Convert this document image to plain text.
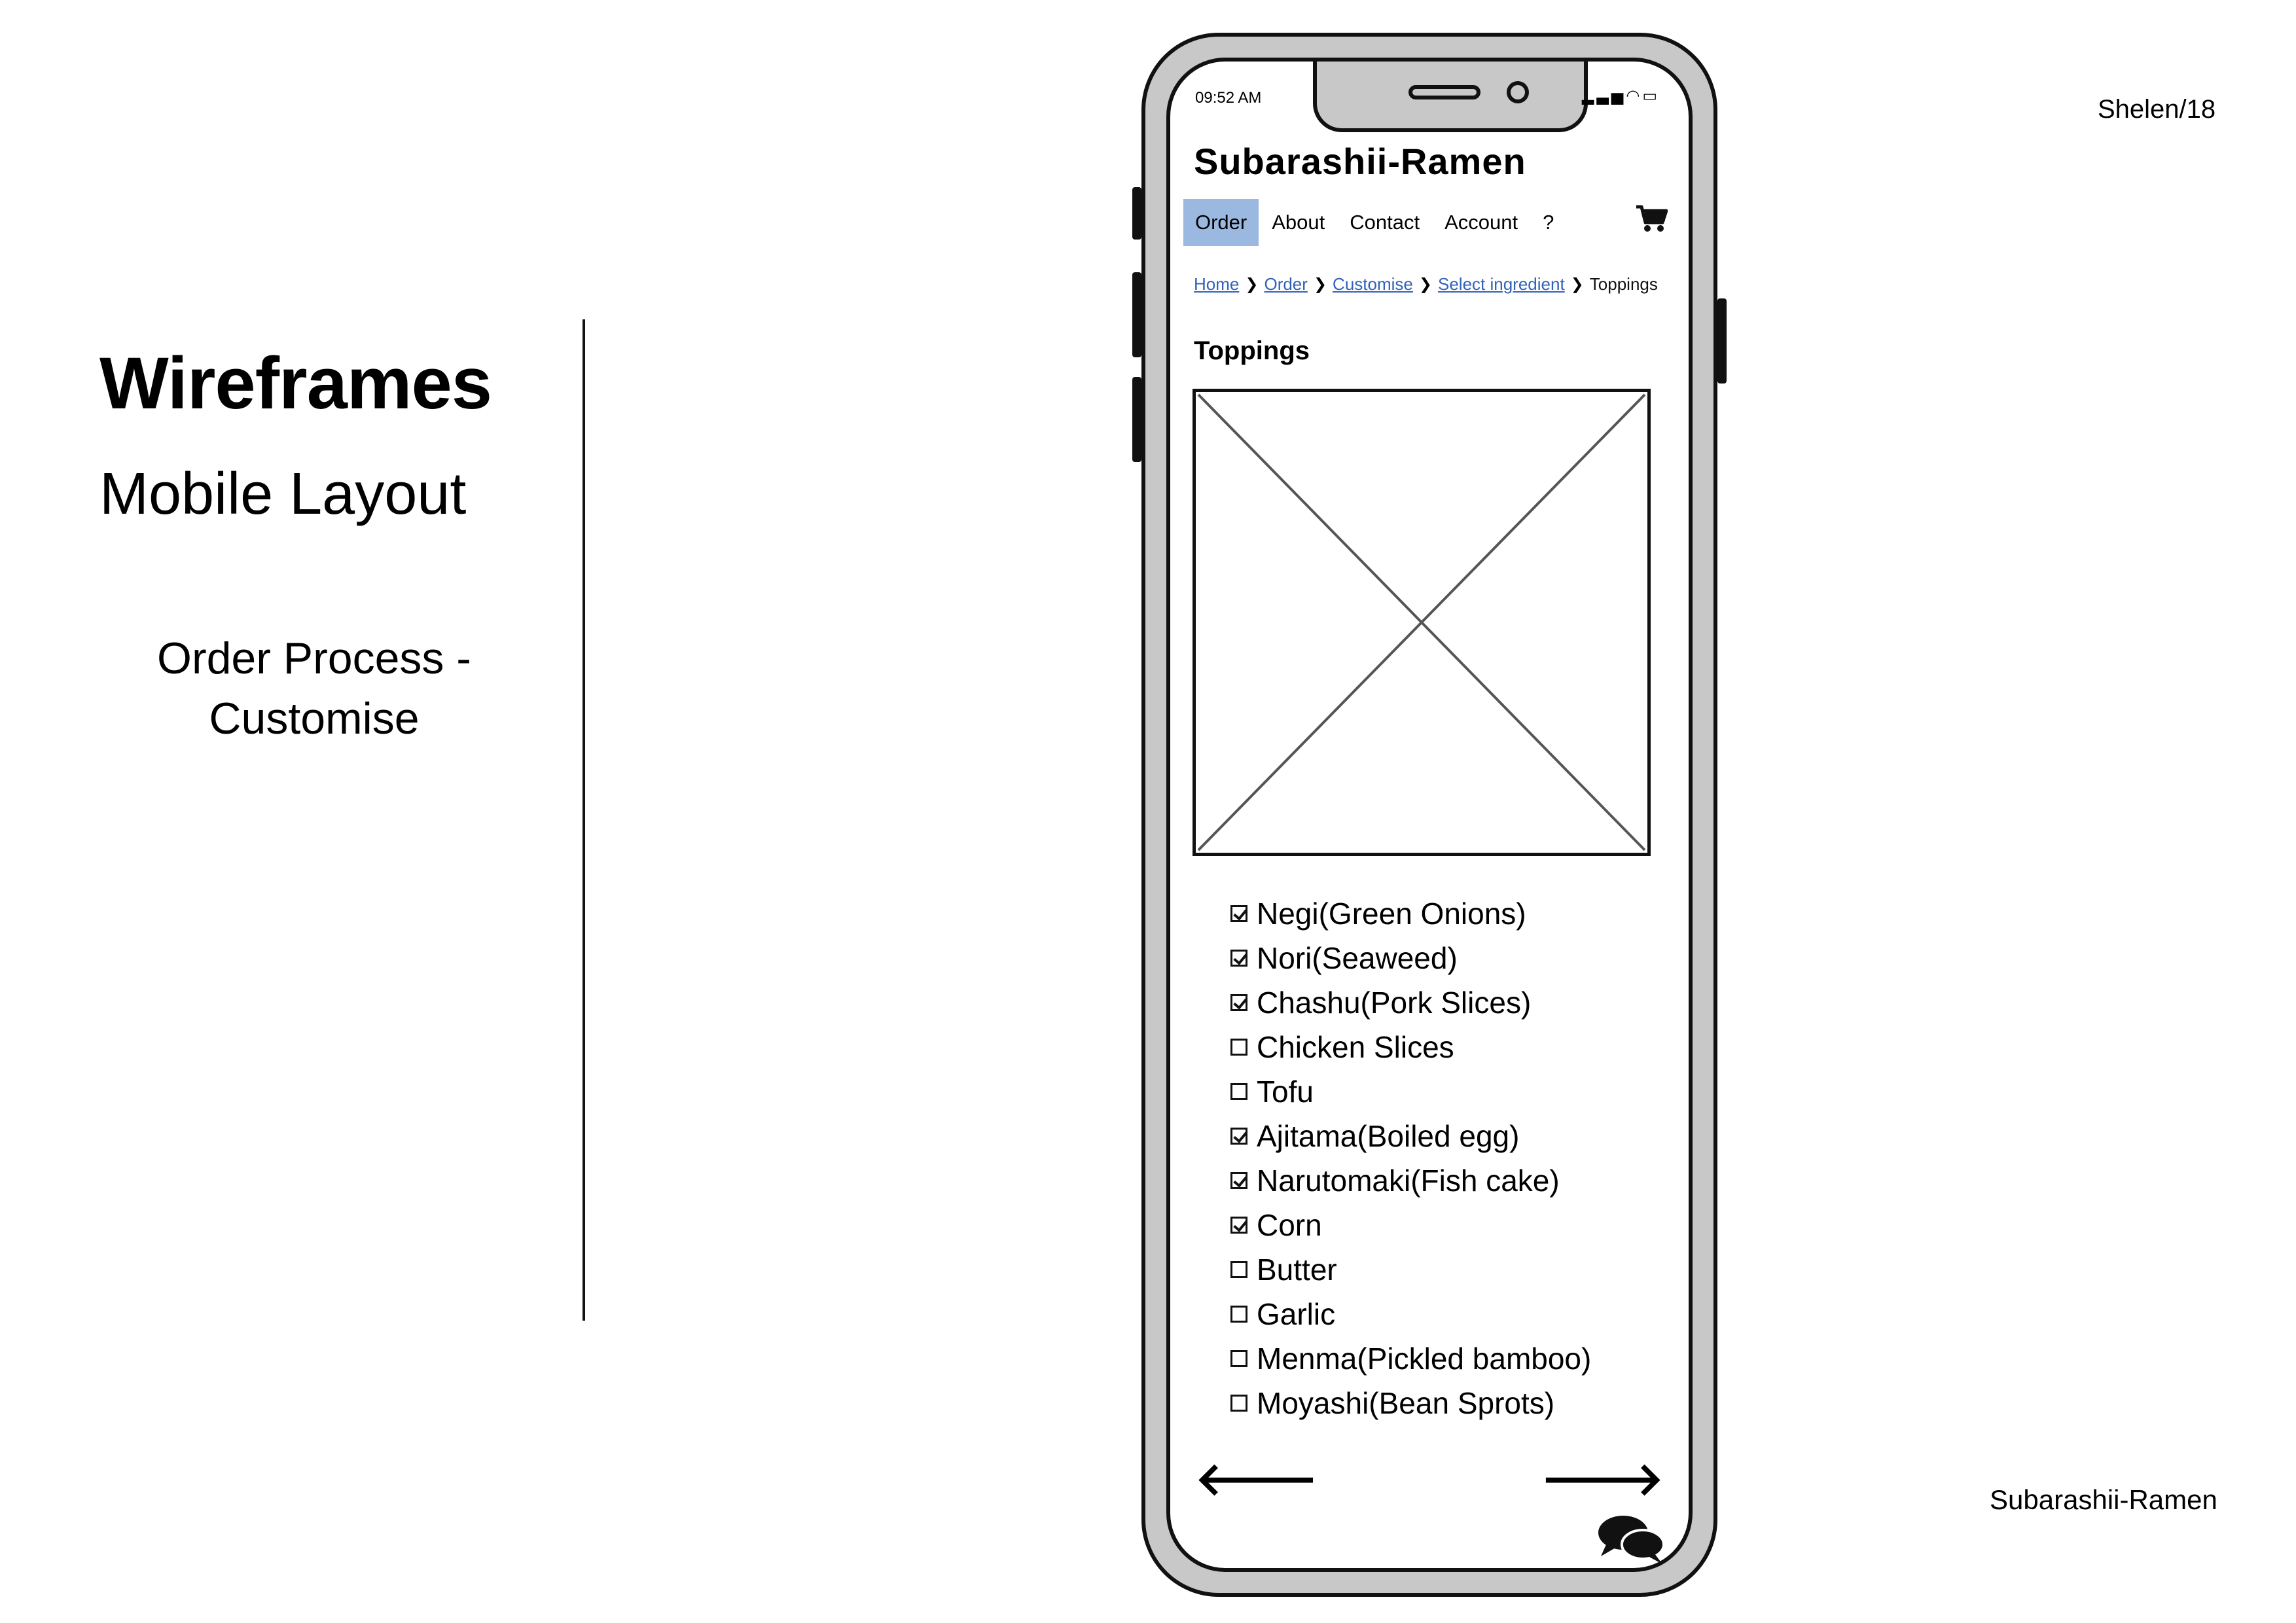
Wireframes
Mobile Layout
Order Process - Customise
Shelen/18
Subarashii-Ramen
09:52 AM	▂▃▅◠▭
Subarashii-Ramen
Order	About	Contact	Account	?
Home ❯ Order ❯ Customise ❯ Select ingredient ❯ Toppings
Toppings
Negi(Green Onions)
Nori(Seaweed)
Chashu(Pork Slices)
Chicken Slices
Tofu
Ajitama(Boiled egg)
Narutomaki(Fish cake)
Corn
Butter
Garlic
Menma(Pickled bamboo)
Moyashi(Bean Sprots)
🡐	🡒
